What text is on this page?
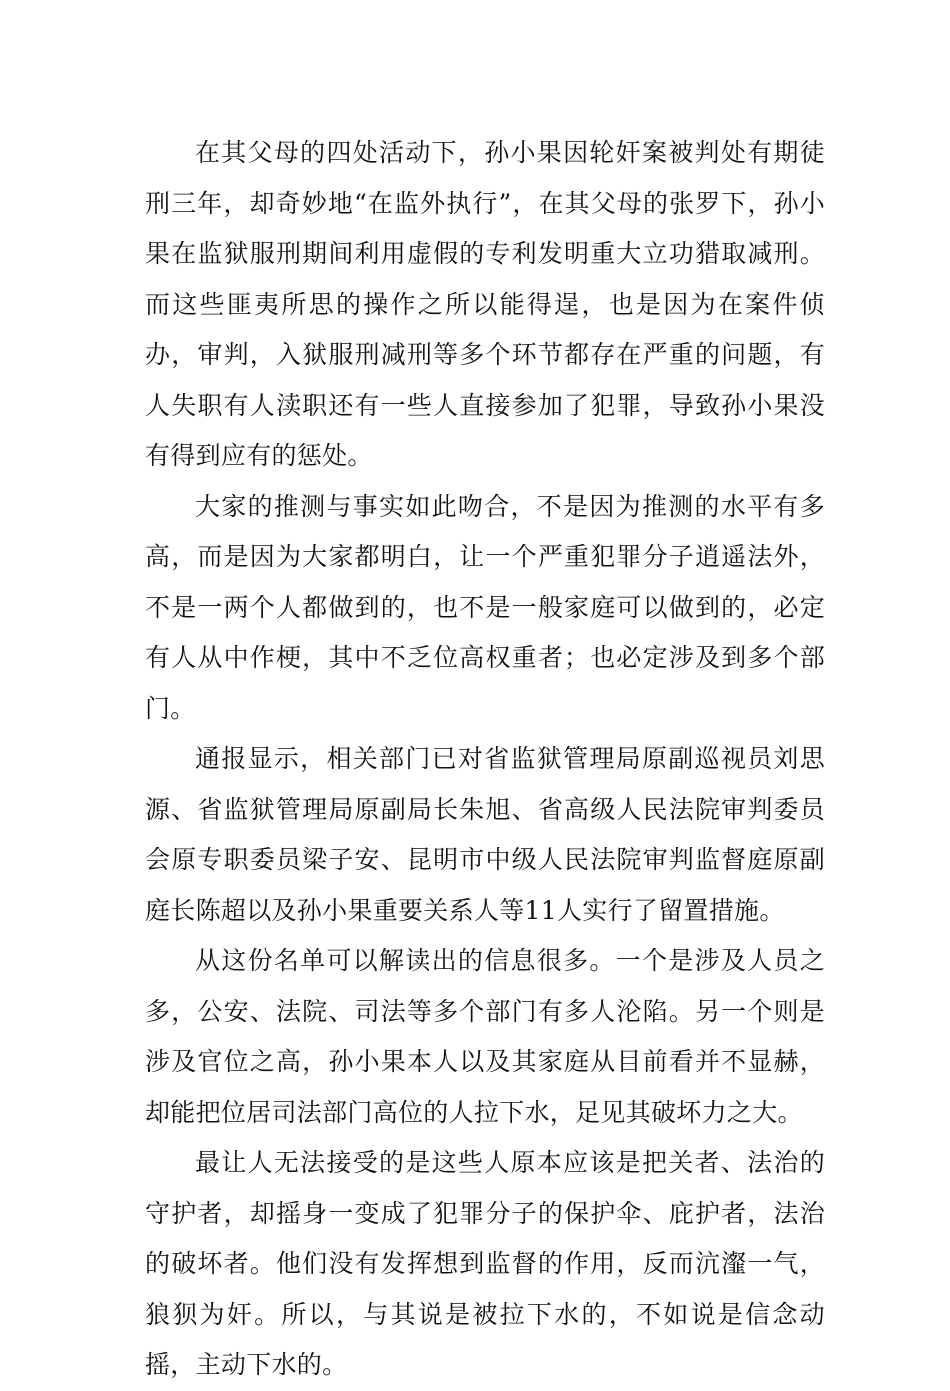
在其父母的四处活动下，孙小果因轮奸案被判处有期徒刑三年，却奇妙地“在监外执行”，在其父母的张罗下，孙小果在监狱服刑期间利用虚假的专利发明重大立功猎取减刑。而这些匪夷所思的操作之所以能得逞，也是因为在案件侦办，审判，入狱服刑减刑等多个环节都存在严重的问题，有人失职有人渎职还有一些人直接参加了犯罪，导致孙小果没有得到应有的惩处。

大家的推测与事实如此吻合，不是因为推测的水平有多高，而是因为大家都明白，让一个严重犯罪分子逍遥法外，不是一两个人都做到的，也不是一般家庭可以做到的，必定有人从中作梗，其中不乏位高权重者；也必定涉及到多个部门。

通报显示，相关部门已对省监狱管理局原副巡视员刘思源、省监狱管理局原副局长朱旭、省高级人民法院审判委员会原专职委员梁子安、昆明市中级人民法院审判监督庭原副庭长陈超以及孙小果重要关系人等11人实行了留置措施。

从这份名单可以解读出的信息很多。一个是涉及人员之多，公安、法院、司法等多个部门有多人沦陷。另一个则是涉及官位之高，孙小果本人以及其家庭从目前看并不显赫，却能把位居司法部门高位的人拉下水，足见其破坏力之大。

最让人无法接受的是这些人原本应该是把关者、法治的守护者，却摇身一变成了犯罪分子的保护伞、庇护者，法治的破坏者。他们没有发挥想到监督的作用，反而沆瀣一气，狼狈为奸。所以，与其说是被拉下水的，不如说是信念动摇，主动下水的。
